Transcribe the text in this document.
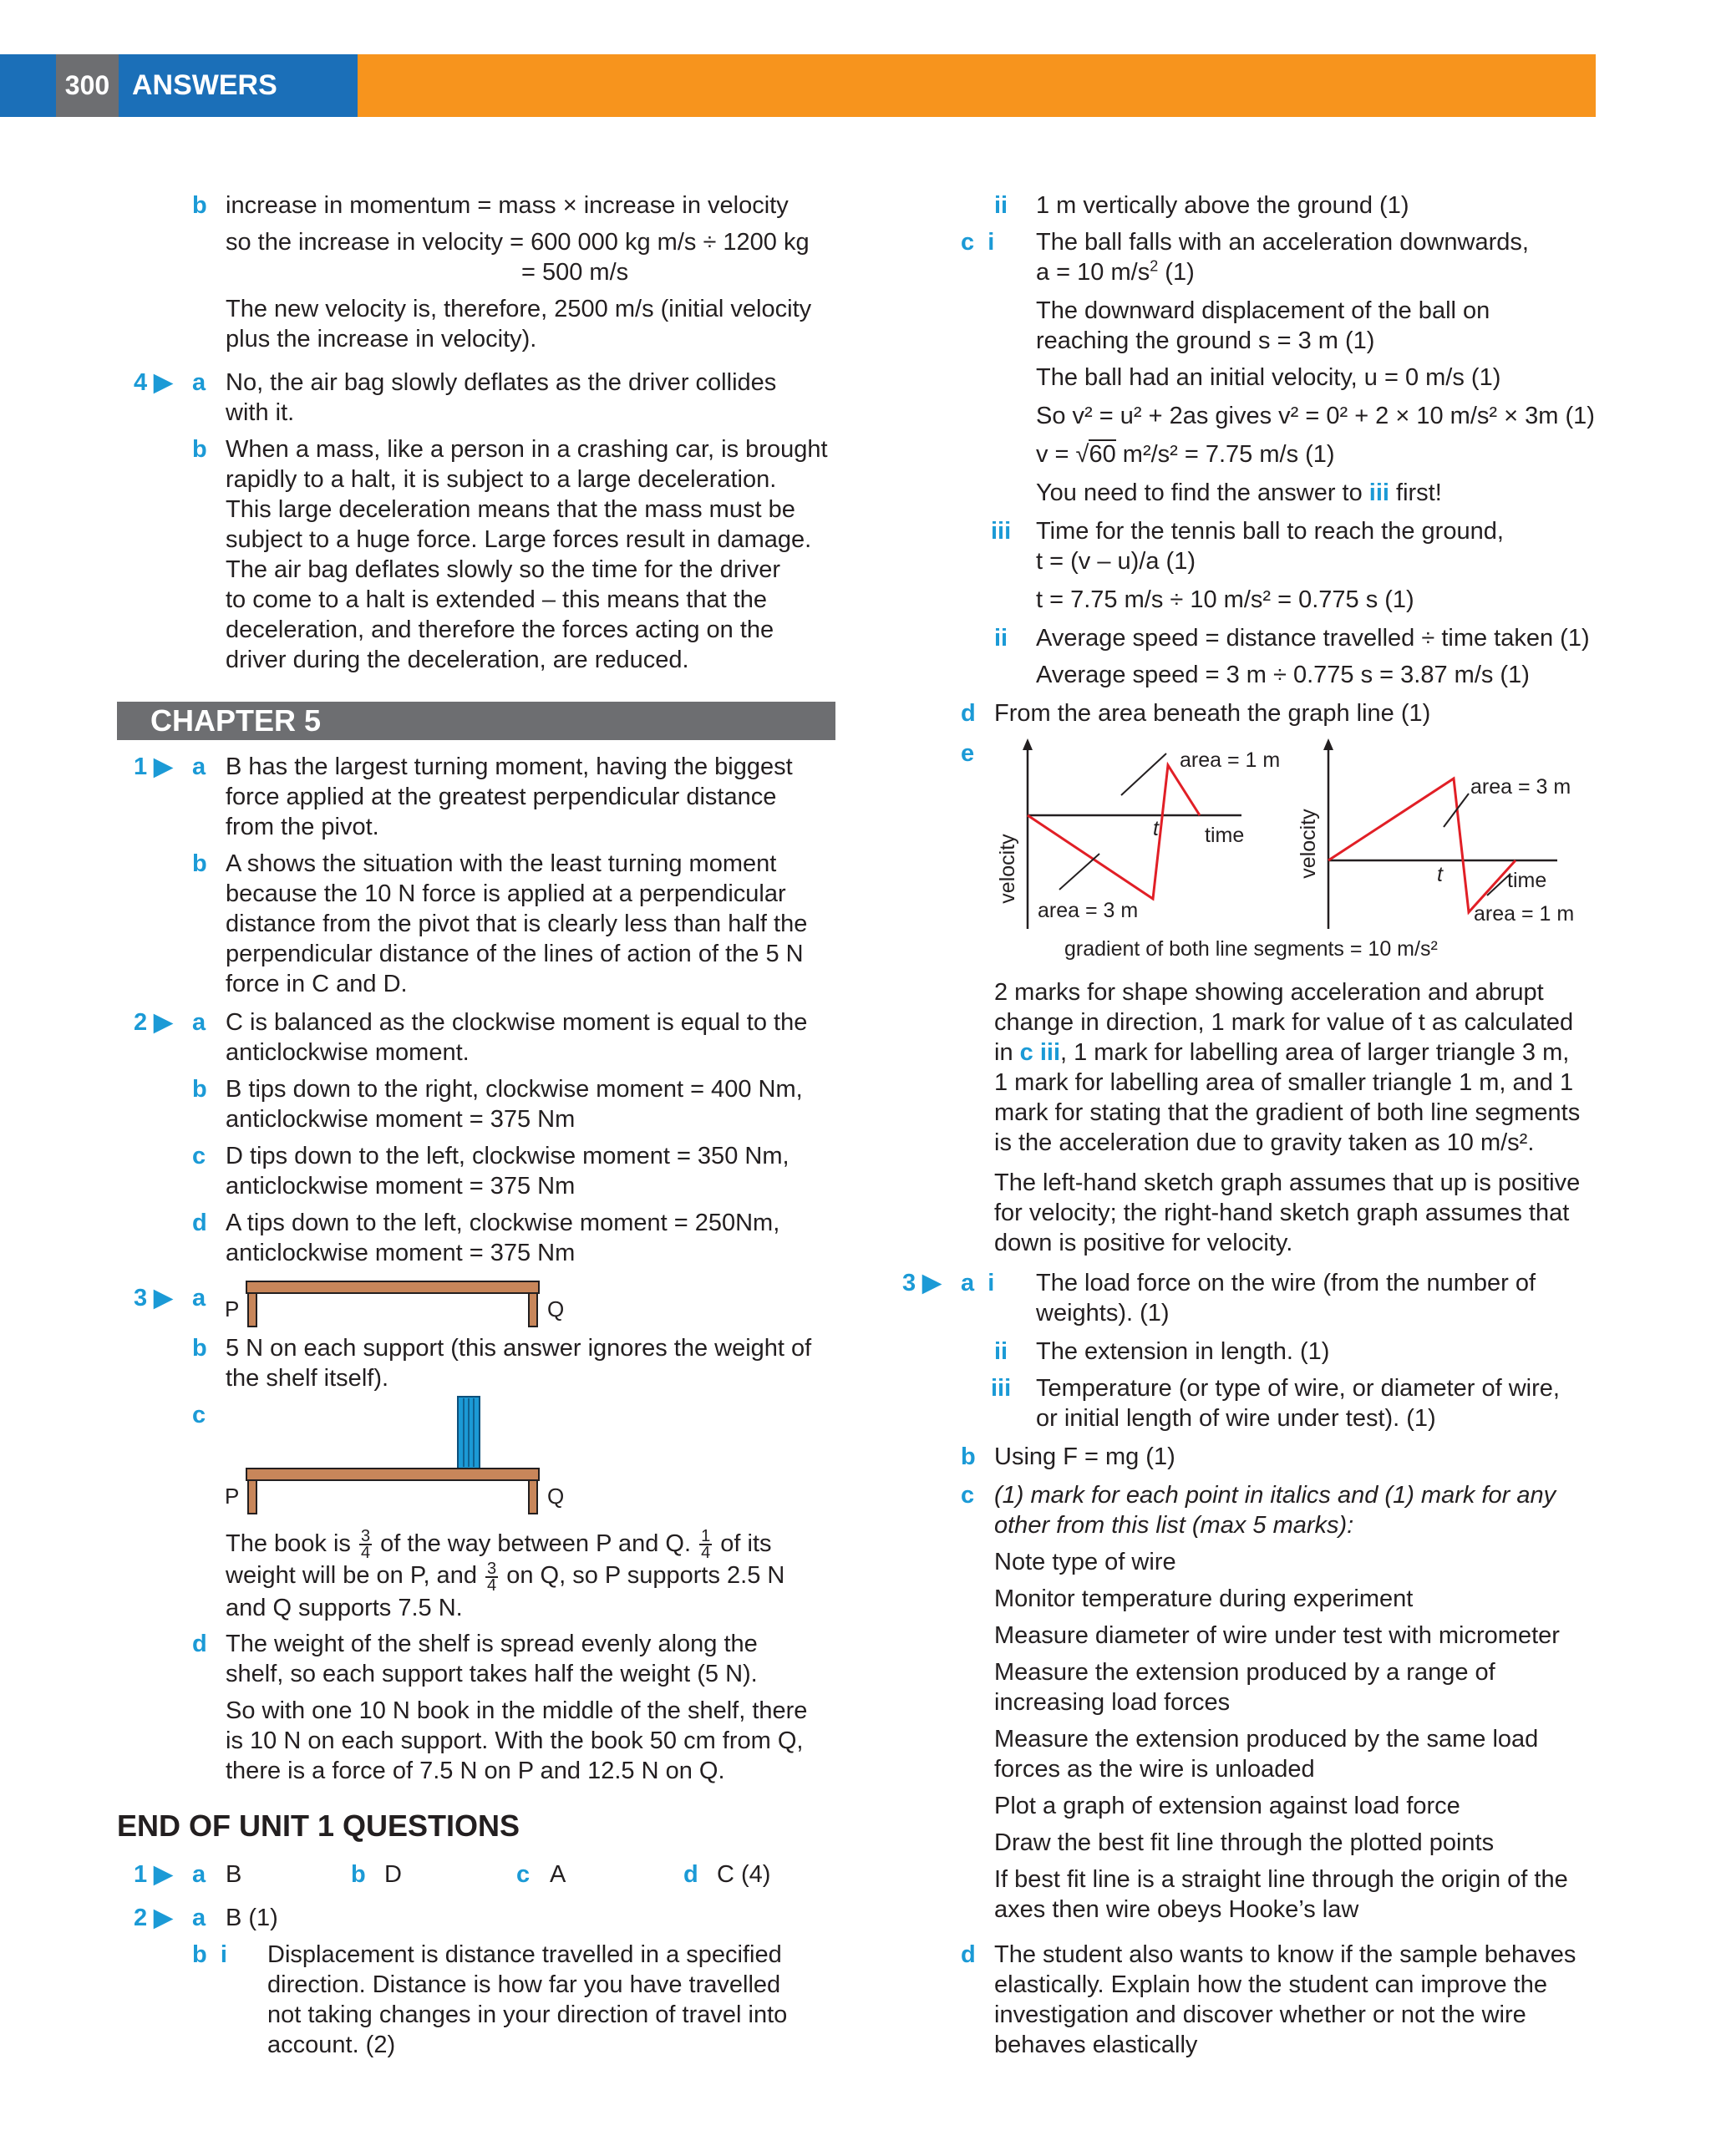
300 ANSWERS
b increase in momentum = mass × increase in velocity
so the increase in velocity = 600 000 kg m/s ÷ 1200 kg
= 500 m/s
The new velocity is, therefore, 2500 m/s (initial velocity
plus the increase in velocity).
4 ▶ a No, the air bag slowly deflates as the driver collides
with it.
b When a mass, like a person in a crashing car, is brought
rapidly to a halt, it is subject to a large deceleration.
This large deceleration means that the mass must be
subject to a huge force. Large forces result in damage.
The air bag deflates slowly so the time for the driver
to come to a halt is extended – this means that the
deceleration, and therefore the forces acting on the
driver during the deceleration, are reduced.
CHAPTER 5
1 ▶ a B has the largest turning moment, having the biggest
force applied at the greatest perpendicular distance
from the pivot.
b A shows the situation with the least turning moment
because the 10 N force is applied at a perpendicular
distance from the pivot that is clearly less than half the
perpendicular distance of the lines of action of the 5 N
force in C and D.
2 ▶ a C is balanced as the clockwise moment is equal to the
anticlockwise moment.
b B tips down to the right, clockwise moment = 400 Nm,
anticlockwise moment = 375 Nm
c D tips down to the left, clockwise moment = 350 Nm,
anticlockwise moment = 375 Nm
d A tips down to the left, clockwise moment = 250Nm,
anticlockwise moment = 375 Nm
3 ▶ a P	Q
b 5 N on each support (this answer ignores the weight of
the shelf itself).
c
P	Q
The book is $\frac{3}{4}$ of the way between P and Q. $\frac{1}{4}$ of its
weight will be on P, and $\frac{3}{4}$ on Q, so P supports 2.5 N
and Q supports 7.5 N.
d The weight of the shelf is spread evenly along the
shelf, so each support takes half the weight (5 N).
So with one 10 N book in the middle of the shelf, there
is 10 N on each support. With the book 50 cm from Q,
there is a force of 7.5 N on P and 12.5 N on Q.
END OF UNIT 1 QUESTIONS
1 ▶ a B	b D	c A	d C (4)
2 ▶ a B (1)
b  i Displacement is distance travelled in a specified
direction. Distance is how far you have travelled
not taking changes in your direction of travel into
account. (2)
ii 1 m vertically above the ground (1)
c  i The ball falls with an acceleration downwards,
a = 10 $m/s^2$ (1)
The downward displacement of the ball on
reaching the ground s = 3 m (1)
The ball had an initial velocity, u = 0 m/s (1)
So v² = u² + 2as gives v² = 0² + 2 × 10 m/s² × 3m (1)
v = √60 m²/s² = 7.75 m/s (1)
You need to find the answer to iii first!
iii Time for the tennis ball to reach the ground,
t = (v – u)/a (1)
t = 7.75 m/s ÷ 10 m/s² = 0.775 s (1)
ii Average speed = distance travelled ÷ time taken (1)
Average speed = 3 m ÷ 0.775 s = 3.87 m/s (1)
d From the area beneath the graph line (1)
e	area = 1 m
t time
area = 3 m
velocity
area = 3 m
t	time
area = 1 m
velocity
gradient of both line segments = 10 m/s²
2 marks for shape showing acceleration and abrupt
change in direction, 1 mark for value of t as calculated
in c iii, 1 mark for labelling area of larger triangle 3 m,
1 mark for labelling area of smaller triangle 1 m, and 1
mark for stating that the gradient of both line segments
is the acceleration due to gravity taken as 10 m/s².
The left-hand sketch graph assumes that up is positive
for velocity; the right-hand sketch graph assumes that
down is positive for velocity.
3 ▶ a  i The load force on the wire (from the number of
weights). (1)
ii The extension in length. (1)
iii Temperature (or type of wire, or diameter of wire,
or initial length of wire under test). (1)
b Using F = mg (1)
c (1) mark for each point in italics and (1) mark for any
other from this list (max 5 marks):
Note type of wire
Monitor temperature during experiment
Measure diameter of wire under test with micrometer
Measure the extension produced by a range of
increasing load forces
Measure the extension produced by the same load
forces as the wire is unloaded
Plot a graph of extension against load force
Draw the best fit line through the plotted points
If best fit line is a straight line through the origin of the
axes then wire obeys Hooke’s law
d The student also wants to know if the sample behaves
elastically. Explain how the student can improve the
investigation and discover whether or not the wire
behaves elastically
